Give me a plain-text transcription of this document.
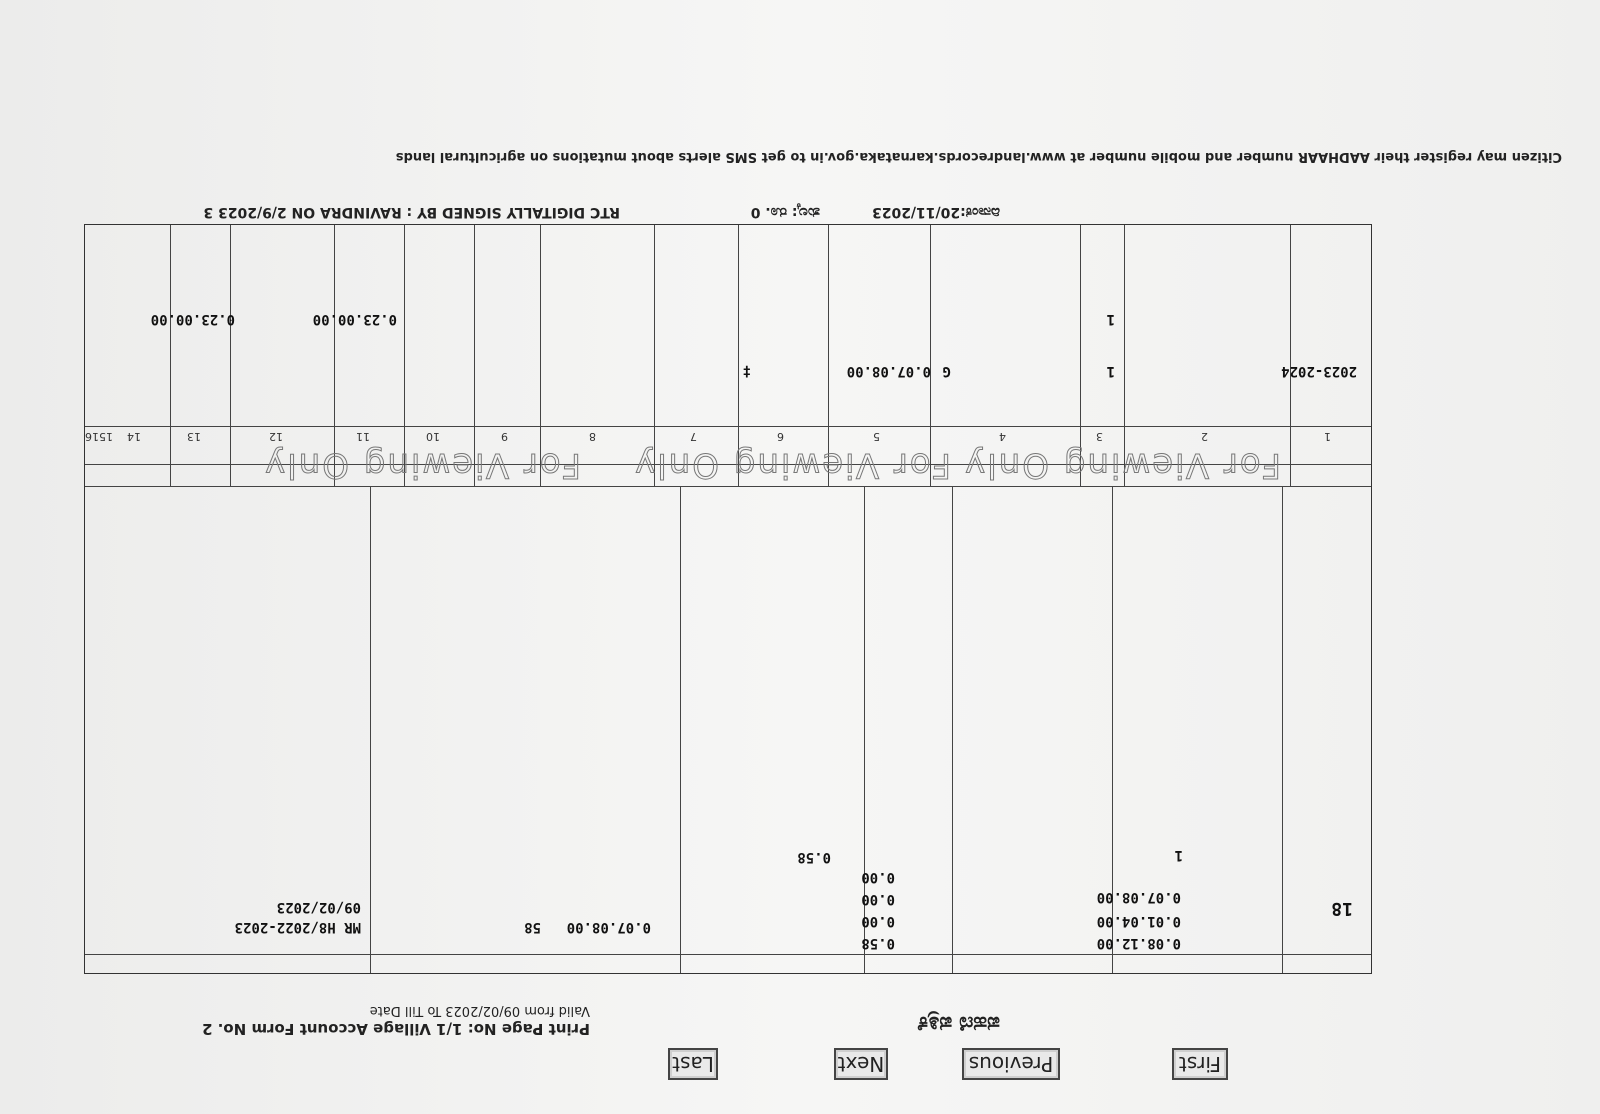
First
Previous
Next
Last
Print Page No: 1/1 Village Account Form No. 2
Valid from 09/02/2023 To Till Date
ಪಹಣಿ ಪತ್ರಿಕೆ
18
0.08.12.00
0.01.04.00
0.07.08.00
0.58
0.00
0.00
0.00
0.58	1
0.07.08.00
58
MR H8/2022-2023
09/02/2023
For Viewing Only
For Viewing Only
For Viewing Only
1
2
3
4
5
6
7
8
9
10
11
12
13
14
15
16
2023-2024
1
G
0.07.08.00
‡
1
0.23.00.00
0.23.00.00
RTC DIGITALLY SIGNED BY : RAVINDRA ON 2/9/2023 3	ದಿನಾಂಕ:20/11/2023
ಶುಲ್ಕ: ರೂ. 0
Citizen may register their AADHAAR number and mobile number at www.landrecords.karnataka.gov.in to get SMS alerts about mutations on agricultural lands
